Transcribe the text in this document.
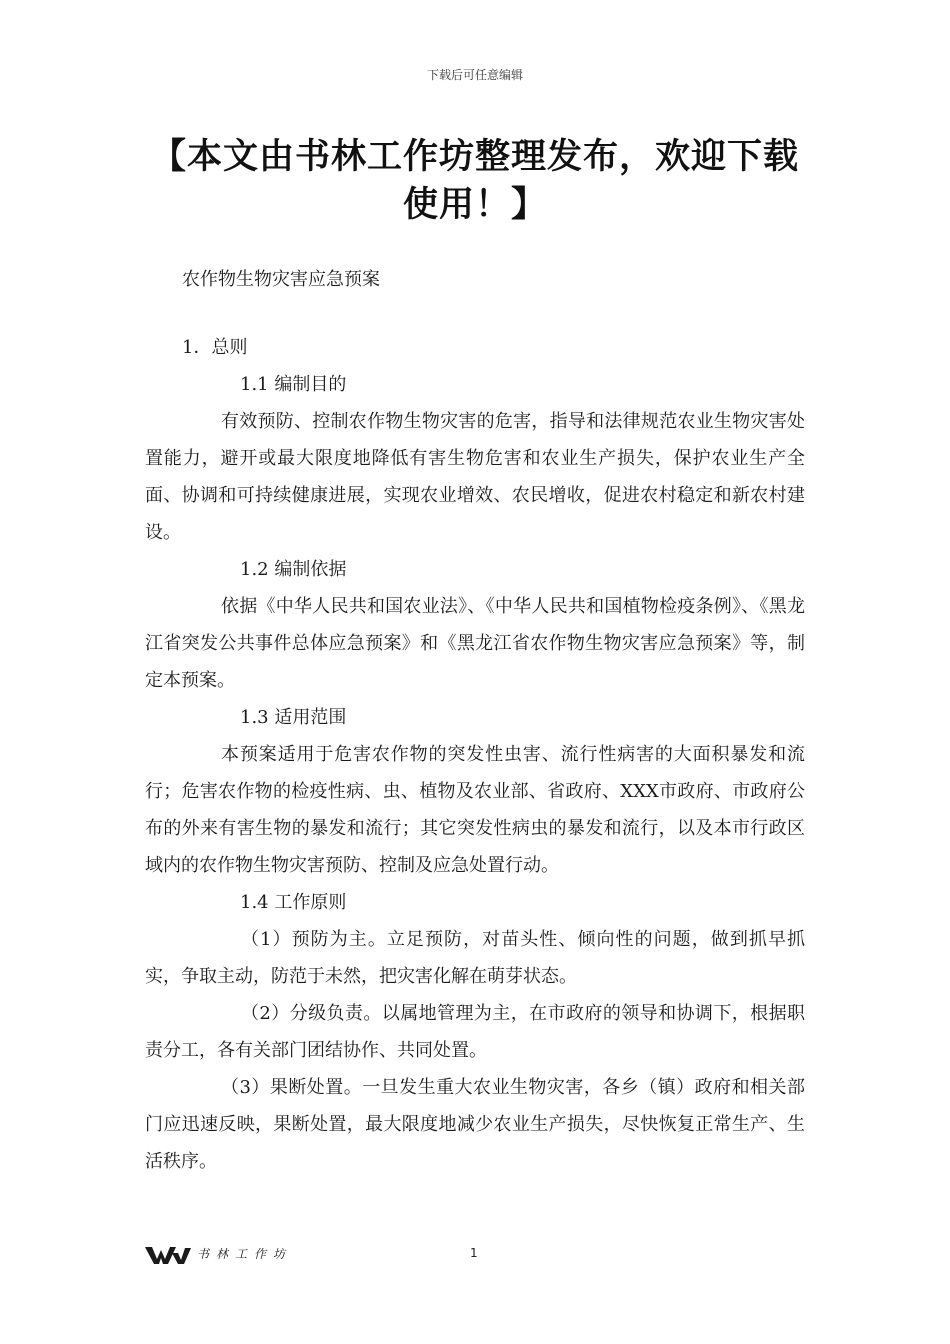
下载后可任意编辑
【本文由书林工作坊整理发布，欢迎下载使用！】

农作物生物灾害应急预案

1．总则

1.1 编制目的

有效预防、控制农作物生物灾害的危害，指导和法律规范农业生物灾害处置能力，避开或最大限度地降低有害生物危害和农业生产损失，保护农业生产全面、协调和可持续健康进展，实现农业增效、农民增收，促进农村稳定和新农村建设。

1.2 编制依据

依据《中华人民共和国农业法》、《中华人民共和国植物检疫条例》、《黑龙江省突发公共事件总体应急预案》和《黑龙江省农作物生物灾害应急预案》等，制定本预案。

1.3 适用范围

本预案适用于危害农作物的突发性虫害、流行性病害的大面积暴发和流行；危害农作物的检疫性病、虫、植物及农业部、省政府、XXX市政府、市政府公布的外来有害生物的暴发和流行；其它突发性病虫的暴发和流行，以及本市行政区域内的农作物生物灾害预防、控制及应急处置行动。

1.4 工作原则

（1）预防为主。立足预防，对苗头性、倾向性的问题，做到抓早抓实，争取主动，防范于未然，把灾害化解在萌芽状态。

（2）分级负责。以属地管理为主，在市政府的领导和协调下，根据职责分工，各有关部门团结协作、共同处置。

（3）果断处置。一旦发生重大农业生物灾害，各乡（镇）政府和相关部门应迅速反映，果断处置，最大限度地减少农业生产损失，尽快恢复正常生产、生活秩序。

书林工作坊	1
